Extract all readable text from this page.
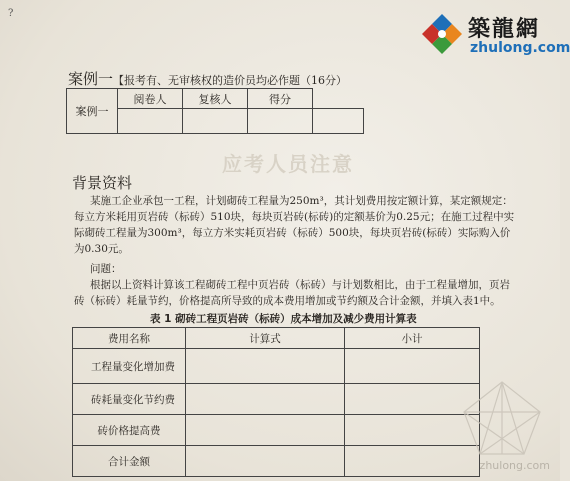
?
築龍網
zhulong.com
案例一【报考有、无审核权的造价员均必作题（16分）
案例一	阅卷人	复核人	得分	

应考人员注意
背景资料
某施工企业承包一工程，计划砌砖工程量为250m³，其计划费用按定额计算，某定额规定：
每立方米耗用页岩砖（标砖）510块，每块页岩砖(标砖)的定额基价为0.25元；在施工过程中实
际砌砖工程量为300m³，每立方米实耗页岩砖（标砖）500块，每块页岩砖(标砖）实际购入价
为0.30元。
问题：
根据以上资料计算该工程砌砖工程中页岩砖（标砖）与计划数相比，由于工程量增加，页岩
砖（标砖）耗量节约，价格提高所导致的成本费用增加或节约额及合计金额，并填入表1中。
表 1 砌砖工程页岩砖（标砖）成本增加及减少费用计算表
费用名称	计算式	小计
工程量变化增加费		
砖耗量变化节约费		
砖价格提高费		
合计金额			zhulong.com
